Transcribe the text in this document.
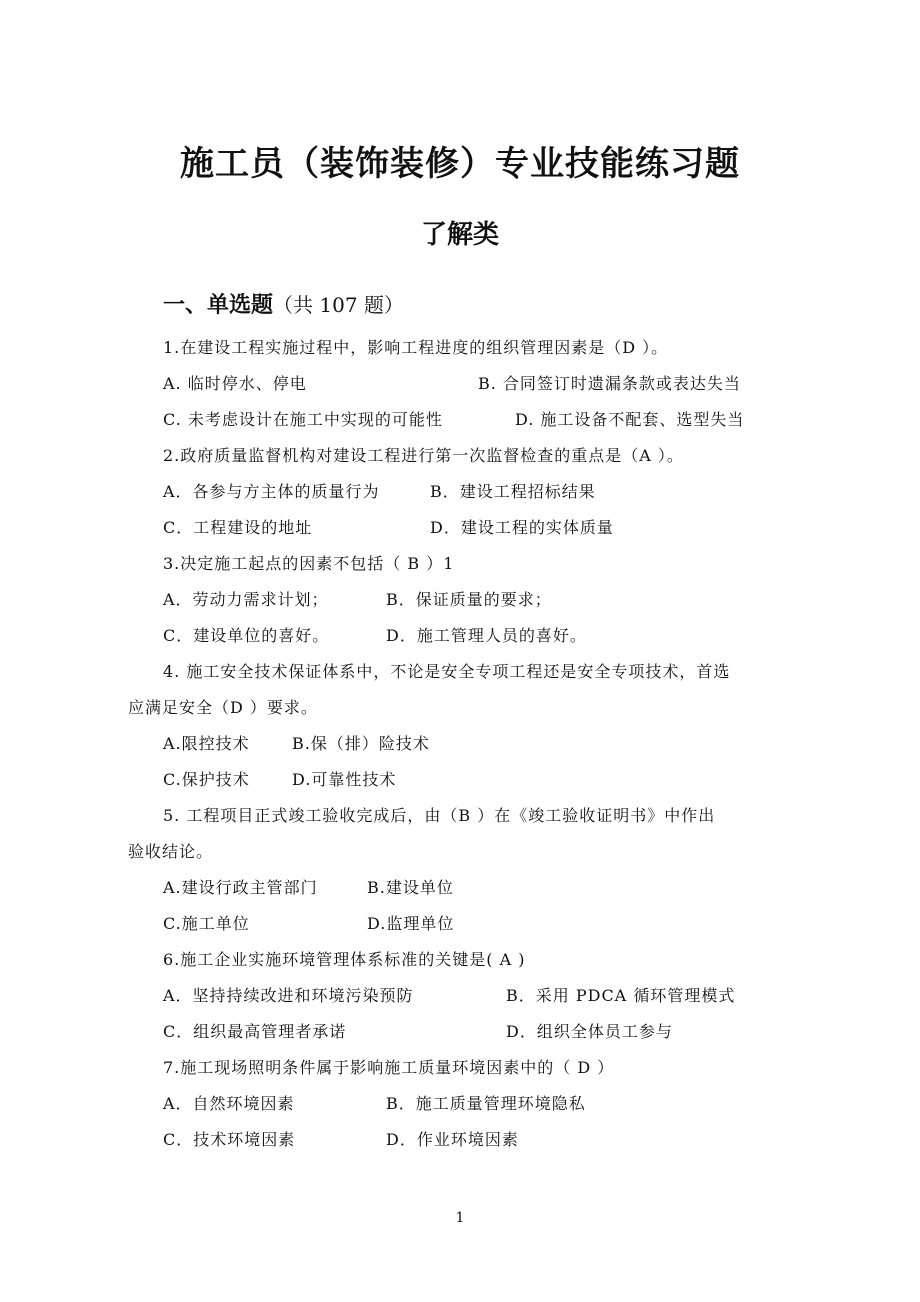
施工员（装饰装修）专业技能练习题
了解类
一、单选题（共 107 题）
1.在建设工程实施过程中，影响工程进度的组织管理因素是（D ）。
A. 临时停水、停电	B. 合同签订时遗漏条款或表达失当
C. 未考虑设计在施工中实现的可能性	D. 施工设备不配套、选型失当
2.政府质量监督机构对建设工程进行第一次监督检查的重点是（A ）。
A．各参与方主体的质量行为	B．建设工程招标结果
C．工程建设的地址	D．建设工程的实体质量
3.决定施工起点的因素不包括（ B ）1
A．劳动力需求计划；	B．保证质量的要求；
C．建设单位的喜好。	D．施工管理人员的喜好。
4. 施工安全技术保证体系中，不论是安全专项工程还是安全专项技术，首选
应满足安全（D ）要求。
A.限控技术	B.保（排）险技术
C.保护技术	D.可靠性技术
5. 工程项目正式竣工验收完成后，由（B ）在《竣工验收证明书》中作出
验收结论。
A.建设行政主管部门	B.建设单位
C.施工单位	D.监理单位
6.施工企业实施环境管理体系标准的关键是( A )
A．坚持持续改进和环境污染预防	B．采用 PDCA 循环管理模式
C．组织最高管理者承诺	D．组织全体员工参与
7.施工现场照明条件属于影响施工质量环境因素中的（ D ）
A．自然环境因素	B．施工质量管理环境隐私
C．技术环境因素	D．作业环境因素
1
